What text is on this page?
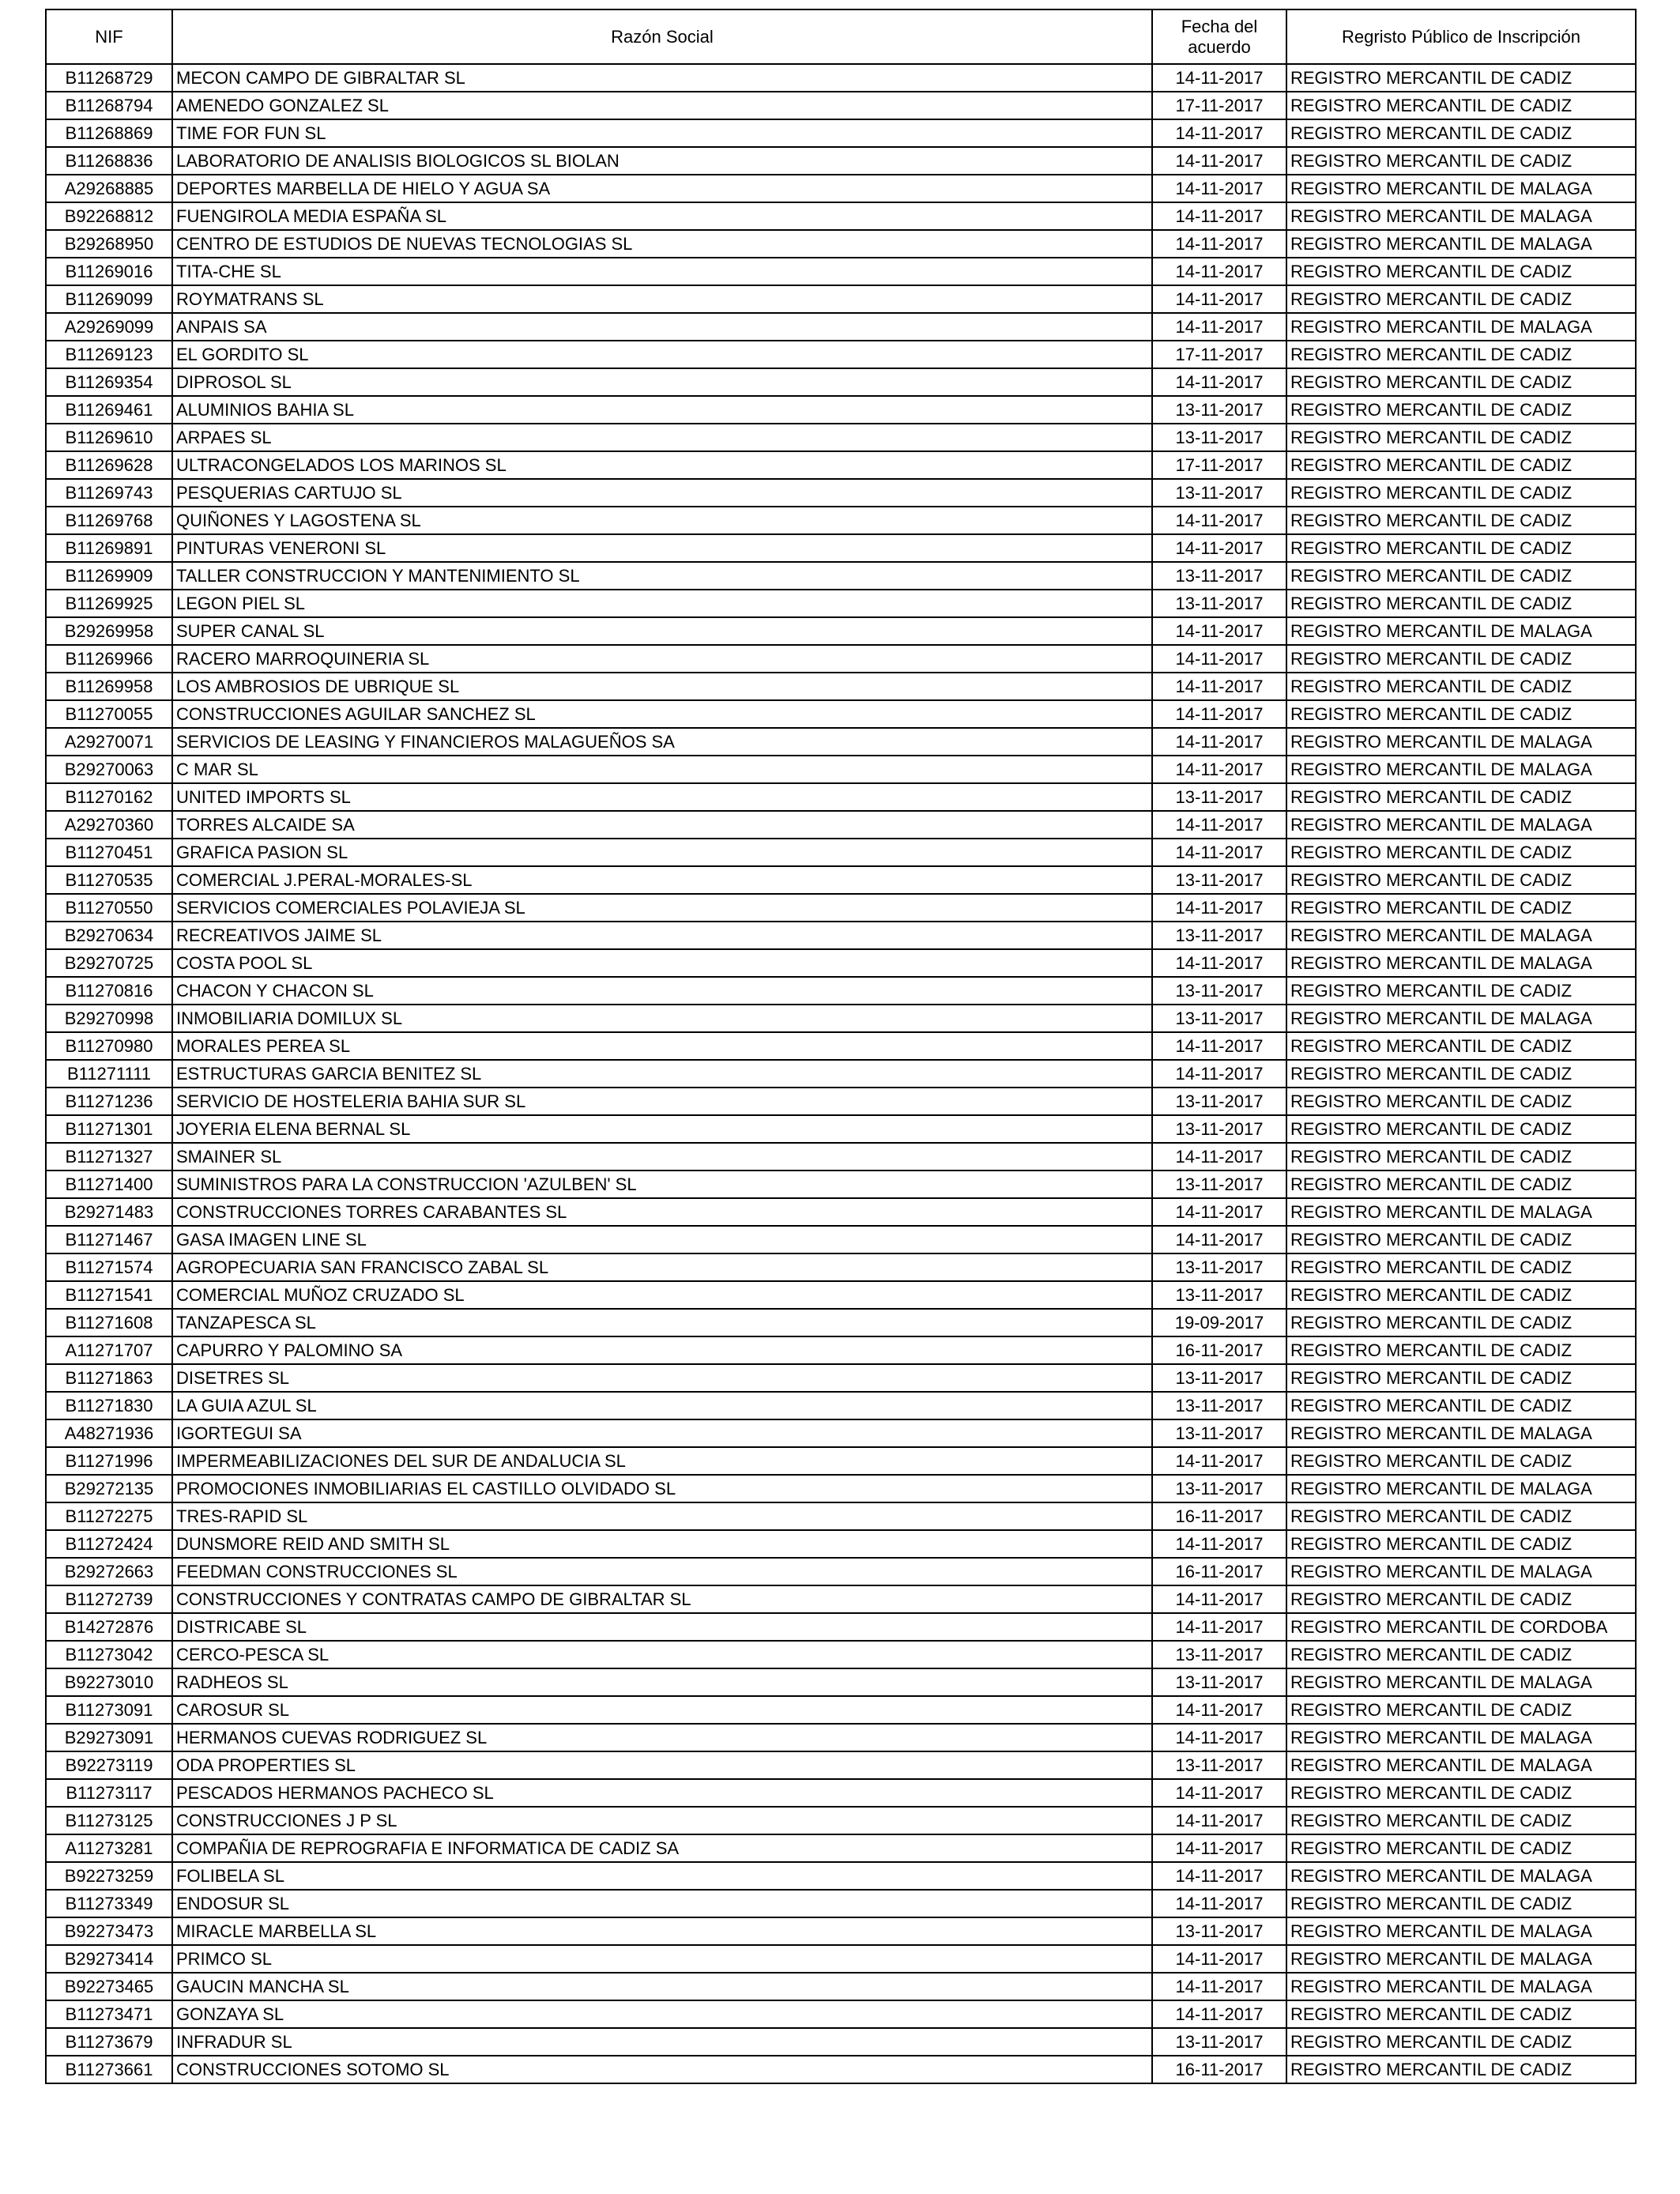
NIF	Razón Social	Fecha del
acuerdo	Regristo Público de Inscripción
B11268729	MECON CAMPO DE GIBRALTAR SL	14-11-2017	REGISTRO MERCANTIL DE CADIZ
B11268794	AMENEDO GONZALEZ SL	17-11-2017	REGISTRO MERCANTIL DE CADIZ
B11268869	TIME FOR FUN SL	14-11-2017	REGISTRO MERCANTIL DE CADIZ
B11268836	LABORATORIO DE ANALISIS BIOLOGICOS SL BIOLAN	14-11-2017	REGISTRO MERCANTIL DE CADIZ
A29268885	DEPORTES MARBELLA DE HIELO Y AGUA SA	14-11-2017	REGISTRO MERCANTIL DE MALAGA
B92268812	FUENGIROLA MEDIA ESPAÑA SL	14-11-2017	REGISTRO MERCANTIL DE MALAGA
B29268950	CENTRO DE ESTUDIOS DE NUEVAS TECNOLOGIAS SL	14-11-2017	REGISTRO MERCANTIL DE MALAGA
B11269016	TITA-CHE SL	14-11-2017	REGISTRO MERCANTIL DE CADIZ
B11269099	ROYMATRANS SL	14-11-2017	REGISTRO MERCANTIL DE CADIZ
A29269099	ANPAIS SA	14-11-2017	REGISTRO MERCANTIL DE MALAGA
B11269123	EL GORDITO SL	17-11-2017	REGISTRO MERCANTIL DE CADIZ
B11269354	DIPROSOL SL	14-11-2017	REGISTRO MERCANTIL DE CADIZ
B11269461	ALUMINIOS BAHIA SL	13-11-2017	REGISTRO MERCANTIL DE CADIZ
B11269610	ARPAES SL	13-11-2017	REGISTRO MERCANTIL DE CADIZ
B11269628	ULTRACONGELADOS LOS MARINOS SL	17-11-2017	REGISTRO MERCANTIL DE CADIZ
B11269743	PESQUERIAS CARTUJO SL	13-11-2017	REGISTRO MERCANTIL DE CADIZ
B11269768	QUIÑONES Y LAGOSTENA SL	14-11-2017	REGISTRO MERCANTIL DE CADIZ
B11269891	PINTURAS VENERONI SL	14-11-2017	REGISTRO MERCANTIL DE CADIZ
B11269909	TALLER CONSTRUCCION Y MANTENIMIENTO SL	13-11-2017	REGISTRO MERCANTIL DE CADIZ
B11269925	LEGON PIEL SL	13-11-2017	REGISTRO MERCANTIL DE CADIZ
B29269958	SUPER CANAL SL	14-11-2017	REGISTRO MERCANTIL DE MALAGA
B11269966	RACERO MARROQUINERIA SL	14-11-2017	REGISTRO MERCANTIL DE CADIZ
B11269958	LOS AMBROSIOS DE UBRIQUE SL	14-11-2017	REGISTRO MERCANTIL DE CADIZ
B11270055	CONSTRUCCIONES AGUILAR SANCHEZ SL	14-11-2017	REGISTRO MERCANTIL DE CADIZ
A29270071	SERVICIOS DE LEASING Y FINANCIEROS MALAGUEÑOS SA	14-11-2017	REGISTRO MERCANTIL DE MALAGA
B29270063	C MAR SL	14-11-2017	REGISTRO MERCANTIL DE MALAGA
B11270162	UNITED IMPORTS SL	13-11-2017	REGISTRO MERCANTIL DE CADIZ
A29270360	TORRES ALCAIDE SA	14-11-2017	REGISTRO MERCANTIL DE MALAGA
B11270451	GRAFICA PASION SL	14-11-2017	REGISTRO MERCANTIL DE CADIZ
B11270535	COMERCIAL J.PERAL-MORALES-SL	13-11-2017	REGISTRO MERCANTIL DE CADIZ
B11270550	SERVICIOS COMERCIALES POLAVIEJA SL	14-11-2017	REGISTRO MERCANTIL DE CADIZ
B29270634	RECREATIVOS JAIME SL	13-11-2017	REGISTRO MERCANTIL DE MALAGA
B29270725	COSTA POOL SL	14-11-2017	REGISTRO MERCANTIL DE MALAGA
B11270816	CHACON Y CHACON SL	13-11-2017	REGISTRO MERCANTIL DE CADIZ
B29270998	INMOBILIARIA DOMILUX SL	13-11-2017	REGISTRO MERCANTIL DE MALAGA
B11270980	MORALES PEREA SL	14-11-2017	REGISTRO MERCANTIL DE CADIZ
B11271111	ESTRUCTURAS GARCIA BENITEZ SL	14-11-2017	REGISTRO MERCANTIL DE CADIZ
B11271236	SERVICIO DE HOSTELERIA BAHIA SUR SL	13-11-2017	REGISTRO MERCANTIL DE CADIZ
B11271301	JOYERIA ELENA BERNAL SL	13-11-2017	REGISTRO MERCANTIL DE CADIZ
B11271327	SMAINER SL	14-11-2017	REGISTRO MERCANTIL DE CADIZ
B11271400	SUMINISTROS PARA LA CONSTRUCCION 'AZULBEN' SL	13-11-2017	REGISTRO MERCANTIL DE CADIZ
B29271483	CONSTRUCCIONES TORRES CARABANTES SL	14-11-2017	REGISTRO MERCANTIL DE MALAGA
B11271467	GASA IMAGEN LINE SL	14-11-2017	REGISTRO MERCANTIL DE CADIZ
B11271574	AGROPECUARIA SAN FRANCISCO ZABAL SL	13-11-2017	REGISTRO MERCANTIL DE CADIZ
B11271541	COMERCIAL MUÑOZ CRUZADO SL	13-11-2017	REGISTRO MERCANTIL DE CADIZ
B11271608	TANZAPESCA SL	19-09-2017	REGISTRO MERCANTIL DE CADIZ
A11271707	CAPURRO Y PALOMINO SA	16-11-2017	REGISTRO MERCANTIL DE CADIZ
B11271863	DISETRES SL	13-11-2017	REGISTRO MERCANTIL DE CADIZ
B11271830	LA GUIA AZUL SL	13-11-2017	REGISTRO MERCANTIL DE CADIZ
A48271936	IGORTEGUI SA	13-11-2017	REGISTRO MERCANTIL DE MALAGA
B11271996	IMPERMEABILIZACIONES DEL SUR DE ANDALUCIA SL	14-11-2017	REGISTRO MERCANTIL DE CADIZ
B29272135	PROMOCIONES INMOBILIARIAS EL CASTILLO OLVIDADO SL	13-11-2017	REGISTRO MERCANTIL DE MALAGA
B11272275	TRES-RAPID SL	16-11-2017	REGISTRO MERCANTIL DE CADIZ
B11272424	DUNSMORE REID AND SMITH SL	14-11-2017	REGISTRO MERCANTIL DE CADIZ
B29272663	FEEDMAN CONSTRUCCIONES SL	16-11-2017	REGISTRO MERCANTIL DE MALAGA
B11272739	CONSTRUCCIONES Y CONTRATAS CAMPO DE GIBRALTAR SL	14-11-2017	REGISTRO MERCANTIL DE CADIZ
B14272876	DISTRICABE SL	14-11-2017	REGISTRO MERCANTIL DE CORDOBA
B11273042	CERCO-PESCA SL	13-11-2017	REGISTRO MERCANTIL DE CADIZ
B92273010	RADHEOS SL	13-11-2017	REGISTRO MERCANTIL DE MALAGA
B11273091	CAROSUR SL	14-11-2017	REGISTRO MERCANTIL DE CADIZ
B29273091	HERMANOS CUEVAS RODRIGUEZ SL	14-11-2017	REGISTRO MERCANTIL DE MALAGA
B92273119	ODA PROPERTIES SL	13-11-2017	REGISTRO MERCANTIL DE MALAGA
B11273117	PESCADOS HERMANOS PACHECO SL	14-11-2017	REGISTRO MERCANTIL DE CADIZ
B11273125	CONSTRUCCIONES J P SL	14-11-2017	REGISTRO MERCANTIL DE CADIZ
A11273281	COMPAÑIA DE REPROGRAFIA E INFORMATICA DE CADIZ SA	14-11-2017	REGISTRO MERCANTIL DE CADIZ
B92273259	FOLIBELA SL	14-11-2017	REGISTRO MERCANTIL DE MALAGA
B11273349	ENDOSUR SL	14-11-2017	REGISTRO MERCANTIL DE CADIZ
B92273473	MIRACLE MARBELLA SL	13-11-2017	REGISTRO MERCANTIL DE MALAGA
B29273414	PRIMCO SL	14-11-2017	REGISTRO MERCANTIL DE MALAGA
B92273465	GAUCIN MANCHA SL	14-11-2017	REGISTRO MERCANTIL DE MALAGA
B11273471	GONZAYA SL	14-11-2017	REGISTRO MERCANTIL DE CADIZ
B11273679	INFRADUR SL	13-11-2017	REGISTRO MERCANTIL DE CADIZ
B11273661	CONSTRUCCIONES SOTOMO SL	16-11-2017	REGISTRO MERCANTIL DE CADIZ
